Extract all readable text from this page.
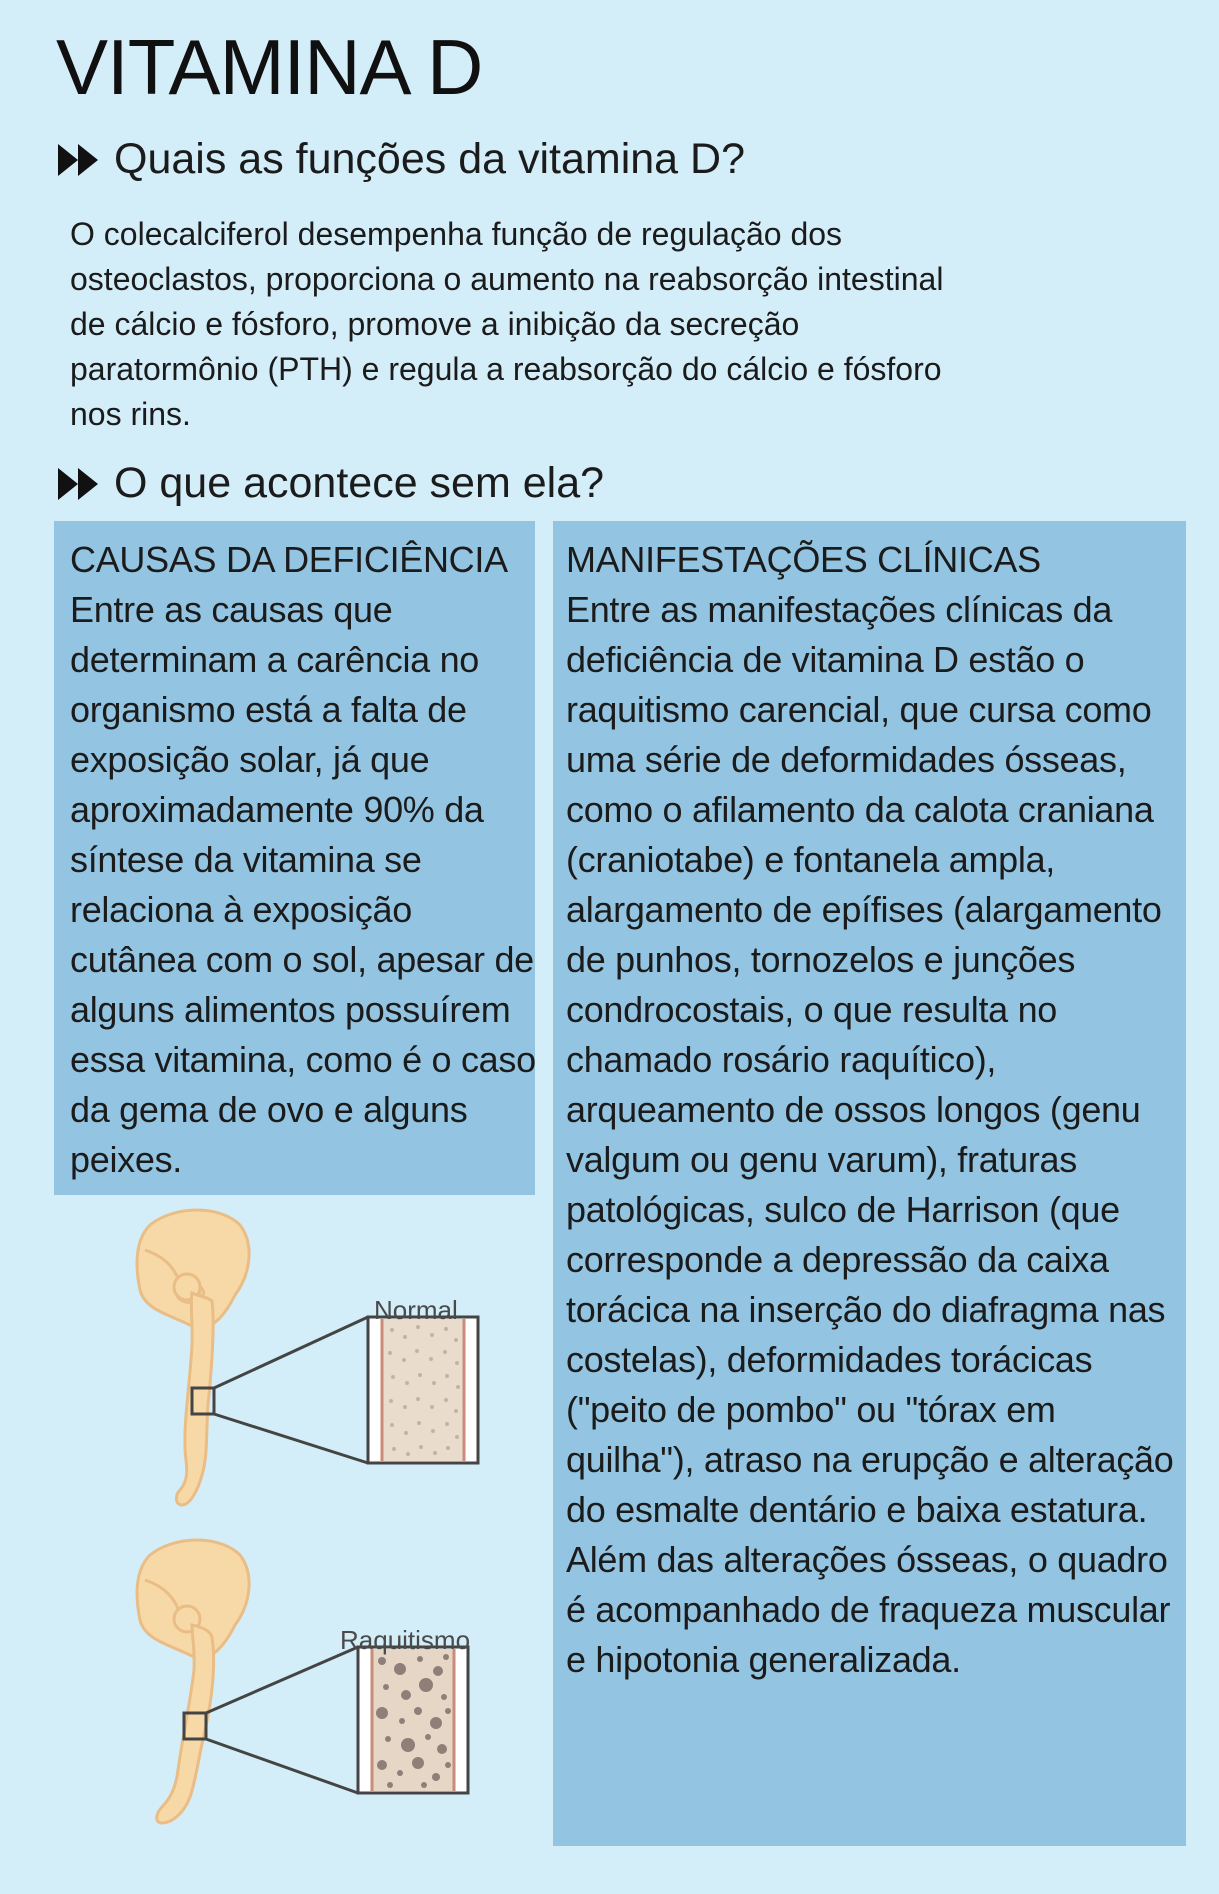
VITAMINA D
Quais as funções da vitamina D?
O colecalciferol desempenha função de regulação dos osteoclastos, proporciona o aumento na reabsorção intestinal de cálcio e fósforo, promove a inibição da secreção paratormônio (PTH) e regula a reabsorção do cálcio e fósforo nos rins.
O que acontece sem ela?
CAUSAS DA DEFICIÊNCIA
Entre as causas que determinam a carência no organismo está a falta de exposição solar, já que aproximadamente 90% da síntese da vitamina se relaciona à exposição cutânea com o sol, apesar de alguns alimentos possuírem essa vitamina, como é o caso da gema de ovo e alguns peixes.
MANIFESTAÇÕES CLÍNICAS
Entre as manifestações clínicas da deficiência de vitamina D estão o raquitismo carencial, que cursa como uma série de deformidades ósseas, como o afilamento da calota craniana (craniotabe) e fontanela ampla, alargamento de epífises (alargamento de punhos, tornozelos e junções condrocostais, o que resulta no chamado rosário raquítico), arqueamento de ossos longos (genu valgum ou genu varum), fraturas patológicas, sulco de Harrison (que corresponde a depressão da caixa torácica na inserção do diafragma nas costelas), deformidades torácicas ("peito de pombo" ou "tórax em quilha"), atraso na erupção e alteração do esmalte dentário e baixa estatura. Além das alterações ósseas, o quadro é acompanhado de fraqueza muscular e hipotonia generalizada.
Normal
Raquitismo
